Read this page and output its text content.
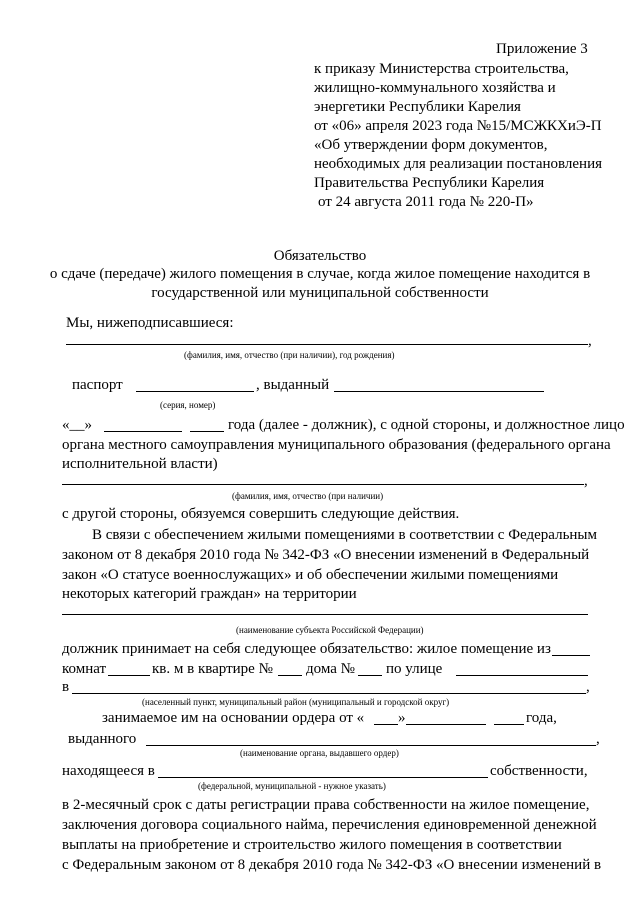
Приложение 3
к приказу Министерства строительства,
жилищно-коммунального хозяйства и
энергетики Республики Карелия
от «06» апреля 2023 года №15/МСЖКХиЭ-П
«Об утверждении форм документов,
необходимых для реализации постановления
Правительства Республики Карелия
от 24 августа 2011 года № 220-П»
Обязательство
о сдаче (передаче) жилого помещения в случае, когда жилое помещение находится в
государственной или муниципальной собственности
Мы, нижеподписавшиеся:
,
(фамилия, имя, отчество (при наличии), год рождения)
паспорт	, выданный
(серия, номер)
«__»	года (далее - должник), с одной стороны, и должностное лицо
органа местного самоуправления муниципального образования (федерального органа
исполнительной власти)
,
(фамилия, имя, отчество (при наличии)
с другой стороны, обязуемся совершить следующие действия.
В связи с обеспечением жилыми помещениями в соответствии с Федеральным
законом от 8 декабря 2010 года № 342-ФЗ «О внесении изменений в Федеральный
закон «О статусе военнослужащих» и об обеспечении жилыми помещениями
некоторых категорий граждан» на территории
(наименование субъекта Российской Федерации)
должник принимает на себя следующее обязательство: жилое помещение из
комнат	кв. м в квартире № дома № по улице
в	,
(населенный пункт, муниципальный район (муниципальный и городской округ)
занимаемое им на основании ордера от « »	года,
выданного	,
(наименование органа, выдавшего ордер)
находящееся в	собственности,
(федеральной, муниципальной - нужное указать)
в 2-месячный срок с даты регистрации права собственности на жилое помещение,
заключения договора социального найма, перечисления единовременной денежной
выплаты на приобретение и строительство жилого помещения в соответствии
с Федеральным законом от 8 декабря 2010 года № 342-ФЗ «О внесении изменений в
